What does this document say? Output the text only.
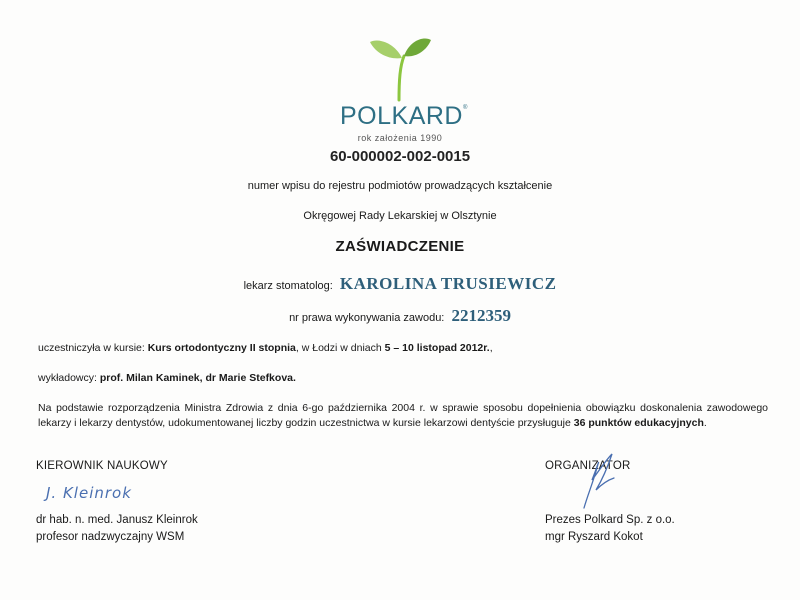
POLKARD®
rok założenia 1990
60-000002-002-0015
numer wpisu do rejestru podmiotów prowadzących kształcenie
Okręgowej Rady Lekarskiej w Olsztynie
ZAŚWIADCZENIE
lekarz stomatolog: KAROLINA TRUSIEWICZ
nr prawa wykonywania zawodu: 2212359
uczestniczyła w kursie: Kurs ortodontyczny II stopnia, w Łodzi w dniach 5 – 10 listopad 2012r.,
wykładowcy: prof. Milan Kaminek, dr Marie Stefkova.
Na podstawie rozporządzenia Ministra Zdrowia z dnia 6-go października 2004 r. w sprawie sposobu dopełnienia obowiązku doskonalenia zawodowego lekarzy i lekarzy dentystów, udokumentowanej liczby godzin uczestnictwa w kursie lekarzowi dentyście przysługuje 36 punktów edukacyjnych.
KIEROWNIK NAUKOWY
J. Kleinrok
dr hab. n. med. Janusz Kleinrok
profesor nadzwyczajny WSM
ORGANIZATOR
Prezes Polkard Sp. z o.o.
mgr Ryszard Kokot
